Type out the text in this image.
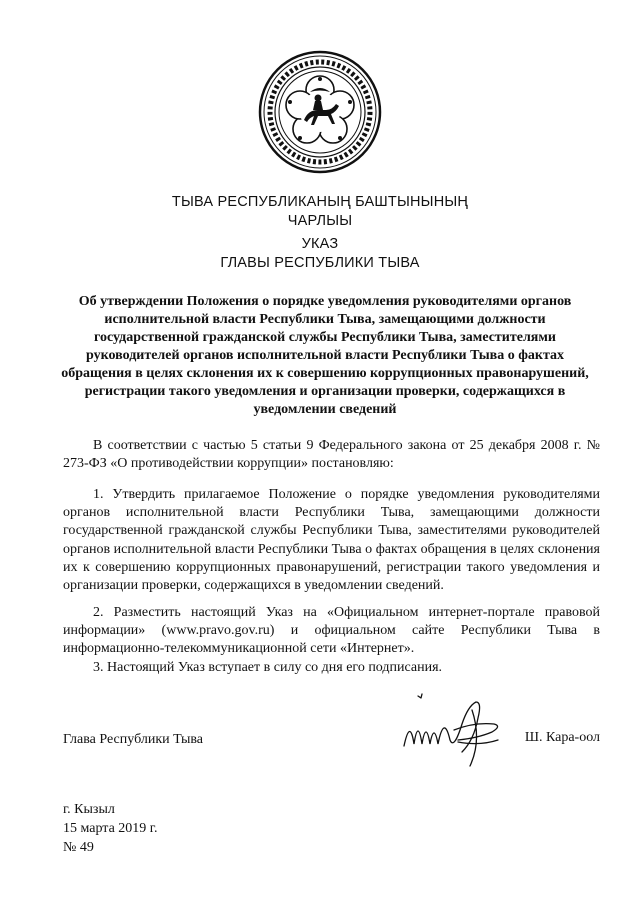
ТЫВА РЕСПУБЛИКАНЫҢ БАШТЫНЫНЫҢ
ЧАРЛЫЫ
УКАЗ
ГЛАВЫ РЕСПУБЛИКИ ТЫВА
Об утверждении Положения о порядке уведомления руководителями органов исполнительной власти Республики Тыва, замещающими должности государственной гражданской службы Республики Тыва, заместителями руководителей органов исполнительной власти Республики Тыва о фактах обращения в целях склонения их к совершению коррупционных правонарушений, регистрации такого уведомления и организации проверки, содержащихся в уведомлении сведений

В соответствии с частью 5 статьи 9 Федерального закона от 25 декабря 2008 г. № 273-ФЗ «О противодействии коррупции» постановляю:

1. Утвердить прилагаемое Положение о порядке уведомления руководителями органов исполнительной власти Республики Тыва, замещающими должности государственной гражданской службы Республики Тыва, заместителями руководителей органов исполнительной власти Республики Тыва о фактах обращения в целях склонения их к совершению коррупционных правонарушений, регистрации такого уведомления и организации проверки, содержащихся в уведомлении сведений.

2. Разместить настоящий Указ на «Официальном интернет-портале правовой информации» (www.pravo.gov.ru) и официальном сайте Республики Тыва в информационно-телекоммуникационной сети «Интернет».

3. Настоящий Указ вступает в силу со дня его подписания.

Глава Республики Тыва	Ш. Кара-оол
г. Кызыл
15 марта 2019 г.
№ 49
